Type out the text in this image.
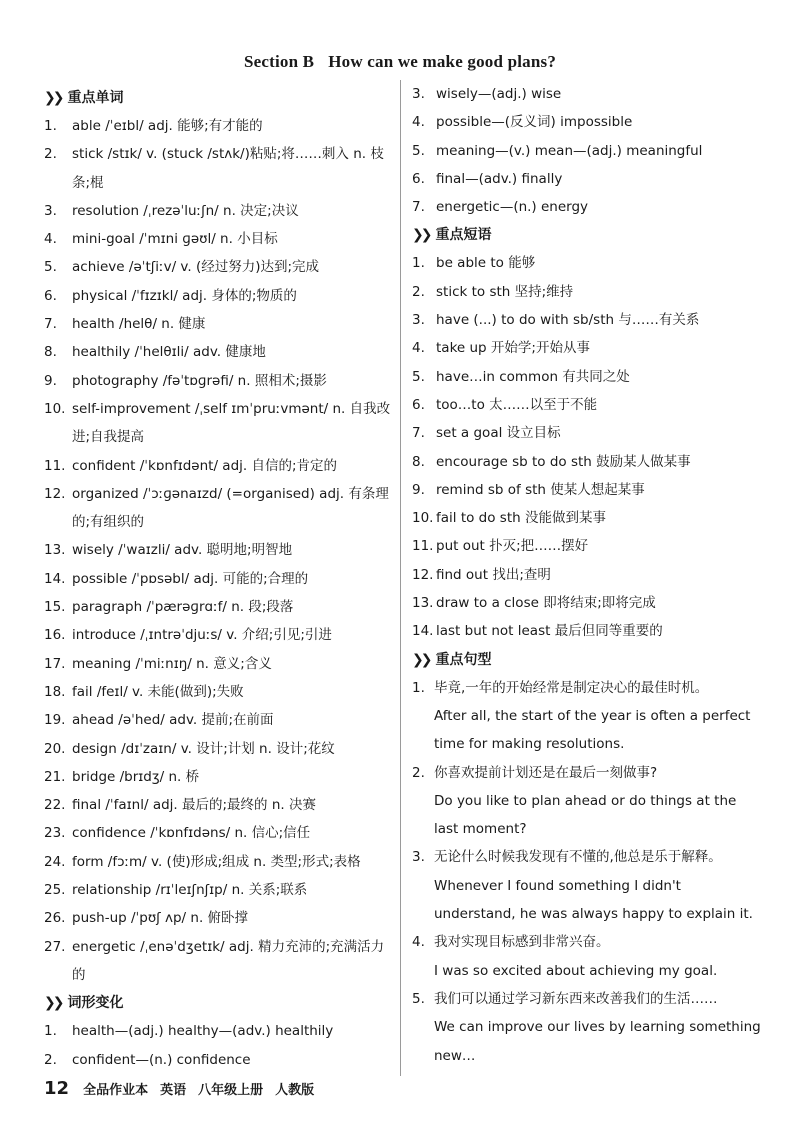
Section B How can we make good plans?
❯❯ 重点单词
1.	able /ˈeɪbl/ adj. 能够;有才能的
2.	stick /stɪk/ v. (stuck /stʌk/)粘贴;将……刺入 n. 枝条;棍
3.	resolution /ˌrezəˈluːʃn/ n. 决定;决议
4.	mini-goal /ˈmɪni ɡəʊl/ n. 小目标
5.	achieve /əˈtʃiːv/ v. (经过努力)达到;完成
6.	physical /ˈfɪzɪkl/ adj. 身体的;物质的
7.	health /helθ/ n. 健康
8.	healthily /ˈhelθɪli/ adv. 健康地
9.	photography /fəˈtɒɡrəfi/ n. 照相术;摄影
10. self-improvement /ˌself ɪmˈpruːvmənt/ n. 自我改进;自我提高
11. confident /ˈkɒnfɪdənt/ adj. 自信的;肯定的
12. organized /ˈɔːɡənaɪzd/ (=organised) adj. 有条理的;有组织的
13. wisely /ˈwaɪzli/ adv. 聪明地;明智地
14. possible /ˈpɒsəbl/ adj. 可能的;合理的
15. paragraph /ˈpærəɡrɑːf/ n. 段;段落
16. introduce /ˌɪntrəˈdjuːs/ v. 介绍;引见;引进
17. meaning /ˈmiːnɪŋ/ n. 意义;含义
18. fail /feɪl/ v. 未能(做到);失败
19. ahead /əˈhed/ adv. 提前;在前面
20. design /dɪˈzaɪn/ v. 设计;计划 n. 设计;花纹
21. bridge /brɪdʒ/ n. 桥
22. final /ˈfaɪnl/ adj. 最后的;最终的 n. 决赛
23. confidence /ˈkɒnfɪdəns/ n. 信心;信任
24. form /fɔːm/ v. (使)形成;组成 n. 类型;形式;表格
25. relationship /rɪˈleɪʃnʃɪp/ n. 关系;联系
26. push-up /ˈpʊʃ ʌp/ n. 俯卧撑
27. energetic /ˌenəˈdʒetɪk/ adj. 精力充沛的;充满活力的
❯❯ 词形变化
1.	health—(adj.) healthy—(adv.) healthily
2.	confident—(n.) confidence
3. wisely—(adj.) wise
4. possible—(反义词) impossible
5. meaning—(v.) mean—(adj.) meaningful
6. final—(adv.) finally
7. energetic—(n.) energy
❯❯ 重点短语
1. be able to 能够
2. stick to sth 坚持;维持
3. have (...) to do with sb/sth 与……有关系
4. take up 开始学;开始从事
5. have…in common 有共同之处
6. too…to 太……以至于不能
7. set a goal 设立目标
8. encourage sb to do sth 鼓励某人做某事
9. remind sb of sth 使某人想起某事
10. fail to do sth 没能做到某事
11. put out 扑灭;把……摆好
12. find out 找出;查明
13. draw to a close 即将结束;即将完成
14. last but not least 最后但同等重要的
❯❯ 重点句型
1. 毕竟,一年的开始经常是制定决心的最佳时机。
After all, the start of the year is often a perfect time for making resolutions.
2. 你喜欢提前计划还是在最后一刻做事?
Do you like to plan ahead or do things at the last moment?
3. 无论什么时候我发现有不懂的,他总是乐于解释。
Whenever I found something I didn't understand, he was always happy to explain it.
4. 我对实现目标感到非常兴奋。
I was so excited about achieving my goal.
5. 我们可以通过学习新东西来改善我们的生活……
We can improve our lives by learning something new…
12 全品作业本 英语 八年级上册 人教版
